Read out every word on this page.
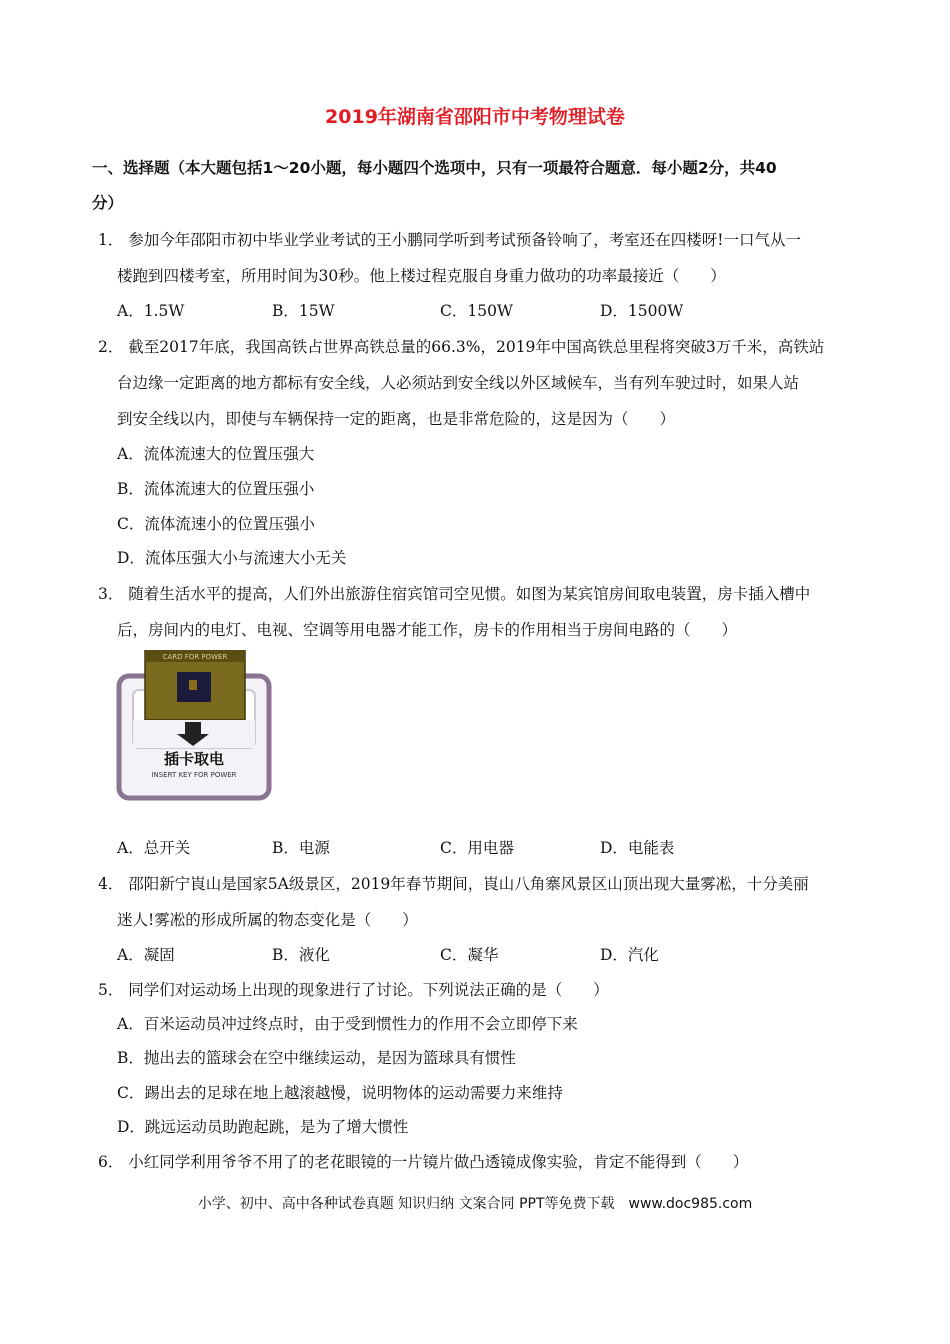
2019年湖南省邵阳市中考物理试卷
一、选择题（本大题包括1～20小题，每小题四个选项中，只有一项最符合题意．每小题2分，共40
分）
1． 参加今年邵阳市初中毕业学业考试的王小鹏同学听到考试预备铃响了，考室还在四楼呀!一口气从一
楼跑到四楼考室，所用时间为30秒。他上楼过程克服自身重力做功的功率最接近（　　）
A．1.5W	B．15W	C．150W	D．1500W
2． 截至2017年底，我国高铁占世界高铁总量的66.3%，2019年中国高铁总里程将突破3万千米，高铁站
台边缘一定距离的地方都标有安全线，人必须站到安全线以外区域候车，当有列车驶过时，如果人站
到安全线以内，即使与车辆保持一定的距离，也是非常危险的，这是因为（　　）
A．流体流速大的位置压强大
B．流体流速大的位置压强小
C．流体流速小的位置压强小
D．流体压强大小与流速大小无关
3． 随着生活水平的提高，人们外出旅游住宿宾馆司空见惯。如图为某宾馆房间取电装置，房卡插入槽中
后，房间内的电灯、电视、空调等用电器才能工作，房卡的作用相当于房间电路的（　　）
CARD FOR POWER
插卡取电
INSERT KEY FOR POWER
A．总开关	B．电源	C．用电器	D．电能表
4． 邵阳新宁崀山是国家5A级景区，2019年春节期间，崀山八角寨风景区山顶出现大量雾凇，十分美丽
迷人!雾凇的形成所属的物态变化是（　　）
A．凝固	B．液化	C．凝华	D．汽化
5． 同学们对运动场上出现的现象进行了讨论。下列说法正确的是（　　）
A．百米运动员冲过终点时，由于受到惯性力的作用不会立即停下来
B．抛出去的篮球会在空中继续运动，是因为篮球具有惯性
C．踢出去的足球在地上越滚越慢，说明物体的运动需要力来维持
D．跳远运动员助跑起跳，是为了增大惯性
6． 小红同学利用爷爷不用了的老花眼镜的一片镜片做凸透镜成像实验，肯定不能得到（　　）
小学、初中、高中各种试卷真题 知识归纳 文案合同 PPT等免费下载　www.doc985.com
